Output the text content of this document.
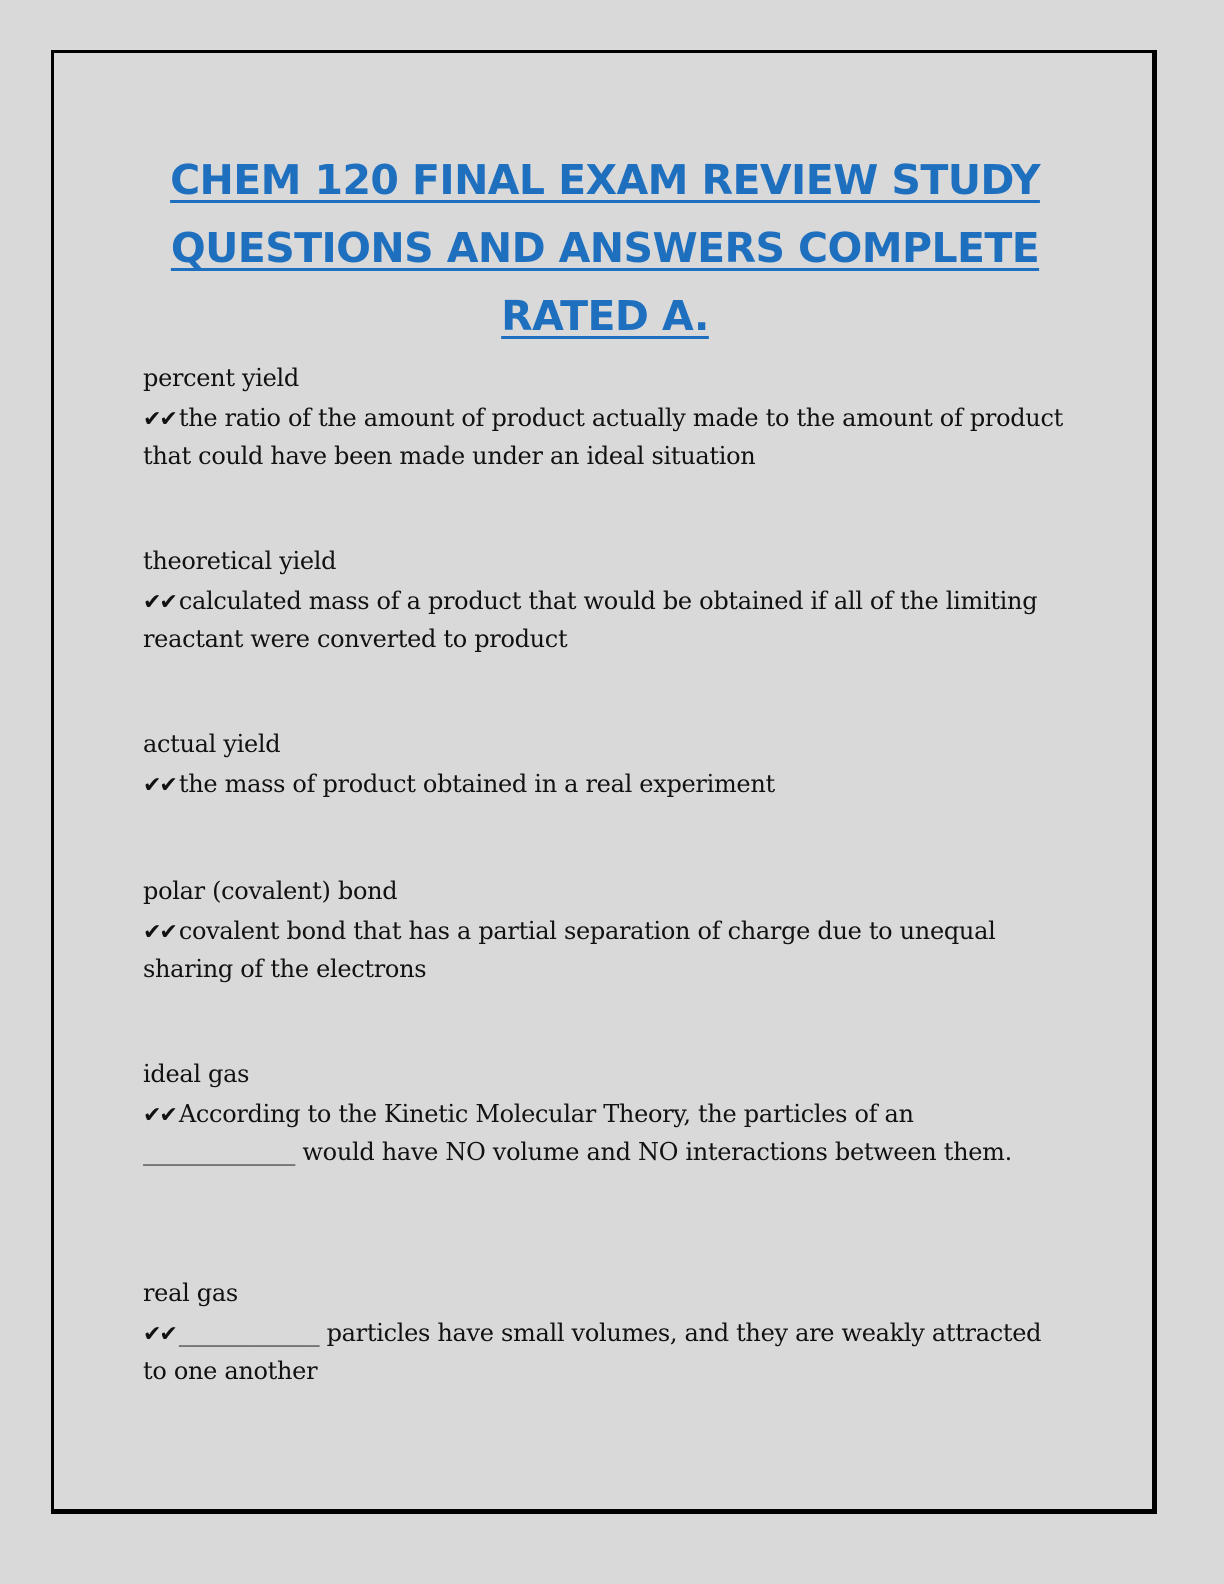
CHEM 120 FINAL EXAM REVIEW STUDY
QUESTIONS AND ANSWERS COMPLETE
RATED A.
percent yield
✔✔ the ratio of the amount of product actually made to the amount of product that could have been made under an ideal situation
theoretical yield
✔✔ calculated mass of a product that would be obtained if all of the limiting reactant were converted to product
actual yield
✔✔ the mass of product obtained in a real experiment
polar (covalent) bond
✔✔ covalent bond that has a partial separation of charge due to unequal sharing of the electrons
ideal gas
✔✔ According to the Kinetic Molecular Theory, the particles of an _____________ would have NO volume and NO interactions between them.
real gas
✔✔ ____________ particles have small volumes, and they are weakly attracted to one another
